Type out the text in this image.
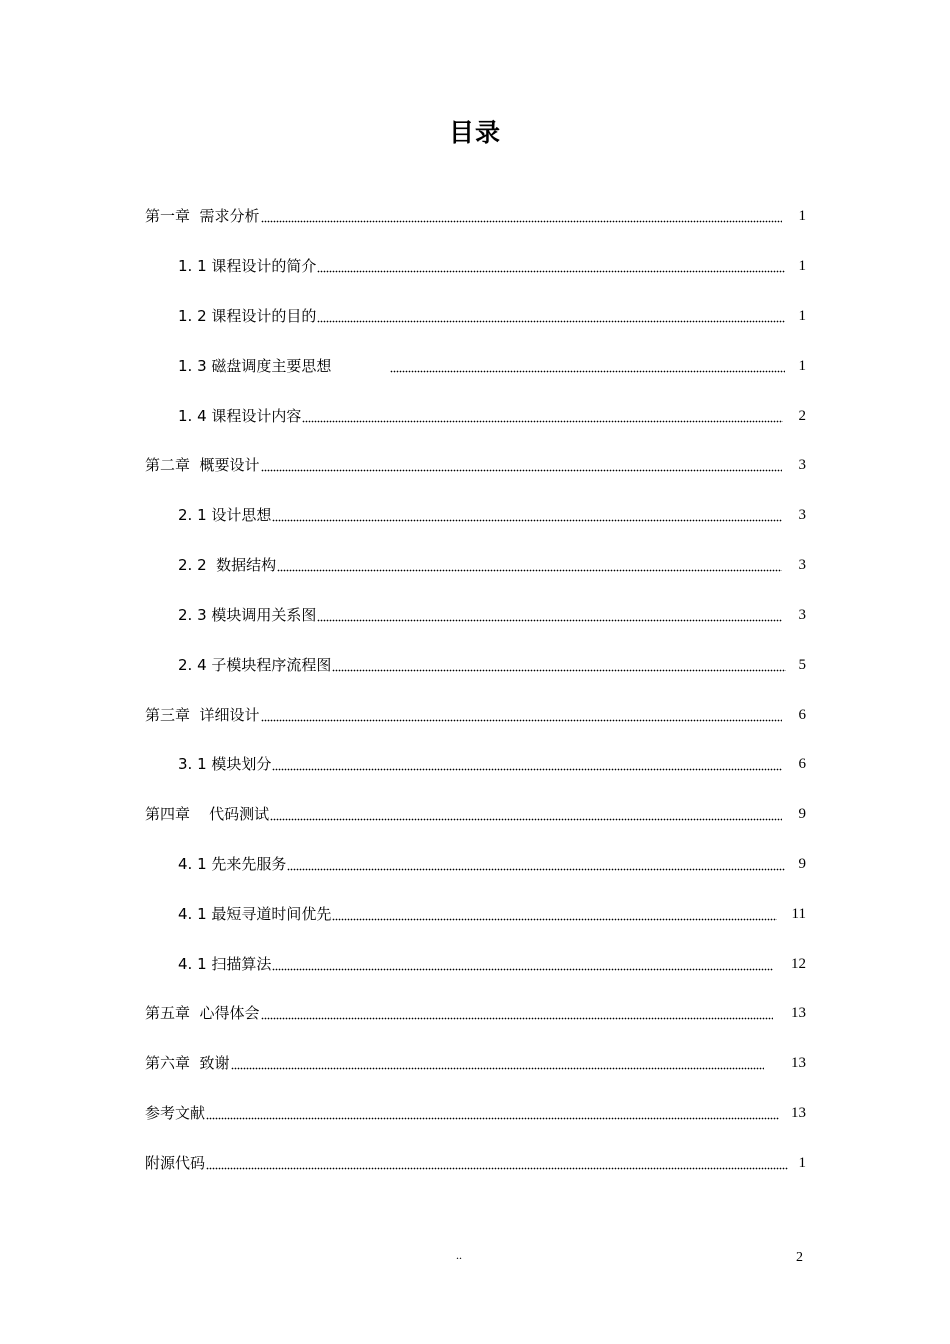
目录
第一章  需求分析	1
1. 1 课程设计的简介	1
1. 2 课程设计的目的	1
1. 3 磁盘调度主要思想	1
1. 4 课程设计内容	2
第二章  概要设计	3
2. 1 设计思想	3
2. 2  数据结构	3
2. 3 模块调用关系图	3
2. 4 子模块程序流程图	5
第三章  详细设计	6
3. 1 模块划分	6
第四章    代码测试	9
4. 1 先来先服务	9
4. 1 最短寻道时间优先	11
4. 1 扫描算法	12
第五章  心得体会	13
第六章  致谢	13
参考文献	13
附源代码	1
..	2
